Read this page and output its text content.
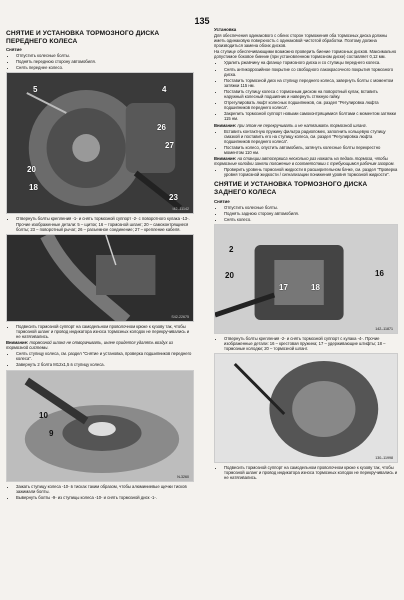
135
СНЯТИЕ И УСТАНОВКА ТОРМОЗНОГО ДИСКА ПЕРЕДНЕГО КОЛЕСА
Снятие
• Отпустить колесные болты.
• Поднять переднюю сторону автомобиля.
• Снять переднее колесо.
5	4
20
18
26
27
23
I42–11142
• Отвернуть болты крепления -1- и снять тормозной суппорт -2- с поворотного кулака -13-. Прочие изображенные детали: 5 – щиток; 16 – тормозной шланг; 20 – самоконтрящиеся болты; 23 – поворотный рычаг; 26 – разъемное соединение; 27 – крепление кабеля.
S42-22675
• Подвесить тормозной суппорт на самодельном проволочном крюке к кузову так, чтобы тормозной шланг и провод индикатора износа тормозных колодок не перекручивались и не натягивались.
Внимание: тормозной шланг не отворачивать, иначе придется удалять воздух из тормозной системы.
• Снять ступицу колеса, см. раздел "Снятие и установка, проверка подшипников переднего колеса".
• Завернуть 2 болта M12x1,5 в ступицу колеса.
10
9
N-3260
• Зажать ступицу колеса -10- в тисках таким образом, чтобы алюминиевые щечки тисков зажимали болты.
• Вывернуть болты -9- из ступицы колеса -10- и снять тормозной диск -1-.
Установка

Для обеспечения одинакового с обеих сторон торможения оба тормозных диска должны иметь одинаковую поверхность с одинаковой чистотой обработки. Поэтому должна производиться замена обоих дисков.

На ступице обеспечивающими возможно проверить биение тормозных дисков. Максимально допустимое боковое биение (при установленном тормозном диске) составляет 0,12 мм.

• Удалить ржавчину на фланце тормозного диска и со ступицы переднего колеса.
• Снять антикоррозийное покрытие со свободного лакокрасочного покрытия тормозного диска.
• Поставить тормозной диск на ступицу переднего колеса, завернуть болты с моментом затяжки 115 нм.
• Поставить ступицу колеса с тормозным диском на поворотный кулак, вставить наружный колесный подшипник и навернуть стяжную гайку.
• Отрегулировать люфт колесных подшипников, см. раздел "Регулировка люфта подшипников переднего колеса".
• Закрепить тормозной суппорт новыми самоконтрящимися болтами с моментом затяжки 115 нм.
Внимание: при этом не перекручивать и не натягивать тормозной шланг.
• Вставить контактную пружину фильтра радиопомех, заполнить кольцевую ступицу смазкой и поставить его на ступицу колеса, см. раздел "Регулировка люфта подшипников переднего колеса".
• Поставить колесо, опустить автомобиль, затянуть колесные болты перекрестно моментом 110 нм.
Внимание: на станции автосервиса несколько раз нажать на педаль тормоза, чтобы тормозные колодки заняли положение в соответствии с требующимся рабочим зазором.
• Проверить уровень тормозной жидкости в расширительном бачке, см. раздел "Проверка уровня тормозной жидкости / сигнализации понижения уровня тормозной жидкости".
СНЯТИЕ И УСТАНОВКА ТОРМОЗНОГО ДИСКА ЗАДНЕГО КОЛЕСА
Снятие
• Отпустить колесные болты.
• Поднять заднюю сторону автомобиля.
• Снять колесо.
2
20	16
17	18
142–11871
• Отвернуть болты крепления -2- и снять тормозной суппорт с кулака -4-. Прочие изображенные детали: 16 – крестовая пружина; 17 – удерживающие штифты; 18 – тормозные колодки; 20 – тормозной шланг.
130–11998
• Подвесить тормозной суппорт на самодельном проволочном крюке к кузову так, чтобы тормозной шланг и провод индикатора износа тормозных колодок не перекручивались и не натягивались.
